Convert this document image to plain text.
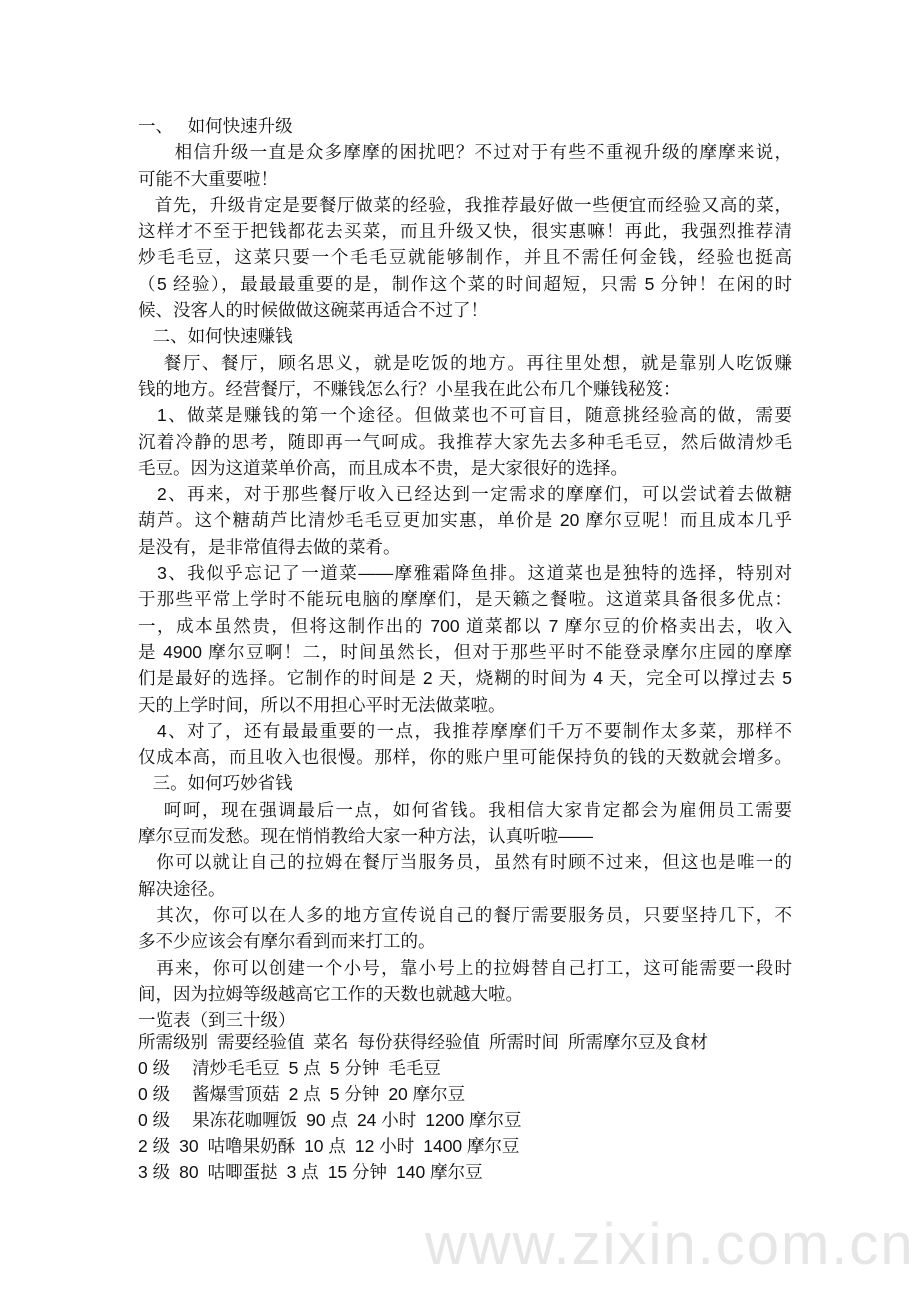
一、   如何快速升级
相信升级一直是众多摩摩的困扰吧？不过对于有些不重视升级的摩摩来说，
可能不大重要啦！
首先，升级肯定是要餐厅做菜的经验，我推荐最好做一些便宜而经验又高的菜，
这样才不至于把钱都花去买菜，而且升级又快，很实惠嘛！再此，我强烈推荐清
炒毛毛豆，这菜只要一个毛毛豆就能够制作，并且不需任何金钱，经验也挺高
（5 经验），最最最重要的是，制作这个菜的时间超短，只需 5 分钟！在闲的时
候、没客人的时候做做这碗菜再适合不过了！
二、如何快速赚钱
餐厅、餐厅，顾名思义，就是吃饭的地方。再往里处想，就是靠别人吃饭赚
钱的地方。经营餐厅，不赚钱怎么行？小星我在此公布几个赚钱秘笈：
1、做菜是赚钱的第一个途径。但做菜也不可盲目，随意挑经验高的做，需要
沉着冷静的思考，随即再一气呵成。我推荐大家先去多种毛毛豆，然后做清炒毛
毛豆。因为这道菜单价高，而且成本不贵，是大家很好的选择。
2、再来，对于那些餐厅收入已经达到一定需求的摩摩们，可以尝试着去做糖
葫芦。这个糖葫芦比清炒毛毛豆更加实惠，单价是 20 摩尔豆呢！而且成本几乎
是没有，是非常值得去做的菜肴。
3、我似乎忘记了一道菜——摩雅霜降鱼排。这道菜也是独特的选择，特别对
于那些平常上学时不能玩电脑的摩摩们，是天籁之餐啦。这道菜具备很多优点：
一，成本虽然贵，但将这制作出的 700 道菜都以 7 摩尔豆的价格卖出去，收入
是 4900 摩尔豆啊！二，时间虽然长，但对于那些平时不能登录摩尔庄园的摩摩
们是最好的选择。它制作的时间是 2 天，烧糊的时间为 4 天，完全可以撑过去 5
天的上学时间，所以不用担心平时无法做菜啦。
4、对了，还有最最重要的一点，我推荐摩摩们千万不要制作太多菜，那样不
仅成本高，而且收入也很慢。那样，你的账户里可能保持负的钱的天数就会增多。
三。如何巧妙省钱
呵呵，现在强调最后一点，如何省钱。我相信大家肯定都会为雇佣员工需要
摩尔豆而发愁。现在悄悄教给大家一种方法，认真听啦——
你可以就让自己的拉姆在餐厅当服务员，虽然有时顾不过来，但这也是唯一的
解决途径。
其次，你可以在人多的地方宣传说自己的餐厅需要服务员，只要坚持几下，不
多不少应该会有摩尔看到而来打工的。
再来，你可以创建一个小号，靠小号上的拉姆替自己打工，这可能需要一段时
间，因为拉姆等级越高它工作的天数也就越大啦。
一览表（到三十级）
所需级别 需要经验值 菜名 每份获得经验值 所需时间 所需摩尔豆及食材
0 级 清炒毛毛豆 5 点 5 分钟 毛毛豆
0 级 酱爆雪顶菇 2 点 5 分钟 20 摩尔豆
0 级 果冻花咖喱饭 90 点 24 小时 1200 摩尔豆
2 级 30 咕噜果奶酥 10 点 12 小时 1400 摩尔豆
3 级 80 咕唧蛋挞 3 点 15 分钟 140 摩尔豆
www.zixin.com.cn
